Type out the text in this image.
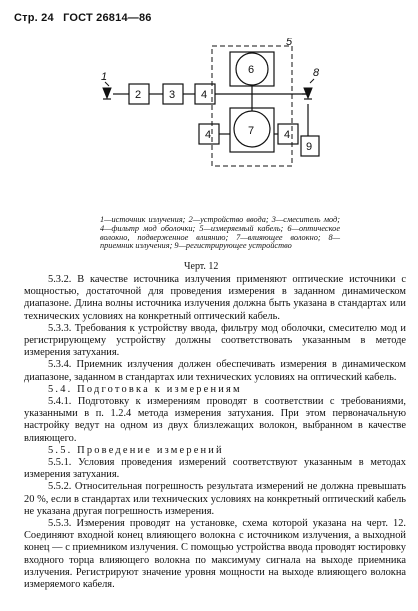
Стр. 24 ГОСТ 26814—86
1
2	3 4
5
6
7
8
9
4	4
1—источник излучения; 2—устройство ввода; 3—смеситель мод; 4—фильтр мод оболочки; 5—измеряемый кабель; 6—оптическое волокно, подверженное влиянию; 7—влияющее волокно; 8—приемник излучения; 9—регистрирующее устройство
Черт. 12

5.3.2. В качестве источника излучения применяют оптические источники с мощностью, достаточной для проведения измерения в заданном динамическом диапазоне. Длина волны источника излучения должна быть указана в стандартах или технических условиях на конкретный оптический кабель.

5.3.3. Требования к устройству ввода, фильтру мод оболочки, смесителю мод и регистрирующему устройству должны соответствовать указанным в методе измерения затухания.

5.3.4. Приемник излучения должен обеспечивать измерения в динамическом диапазоне, заданном в стандартах или технических условиях на оптический кабель.

5.4. Подготовка к измерениям

5.4.1. Подготовку к измерениям проводят в соответствии с требованиями, указанными в п. 1.2.4 метода измерения затухания. При этом первоначальную настройку ведут на одном из двух близлежащих волокон, выбранном в качестве влияющего.

5.5. Проведение измерений

5.5.1. Условия проведения измерений соответствуют указанным в методах измерения затухания.

5.5.2. Относительная погрешность результата измерений не должна превышать 20 %, если в стандартах или технических условиях на конкретный оптический кабель не указана другая погрешность измерения.

5.5.3. Измерения проводят на установке, схема которой указана на черт. 12. Соединяют входной конец влияющего волокна с источником излучения, а выходной конец — с приемником излучения. С помощью устройства ввода проводят юстировку входного торца влияющего волокна по максимуму сигнала на выходе приемника излучения. Регистрируют значение уровня мощности на выходе влияющего волокна измеряемого кабеля.
